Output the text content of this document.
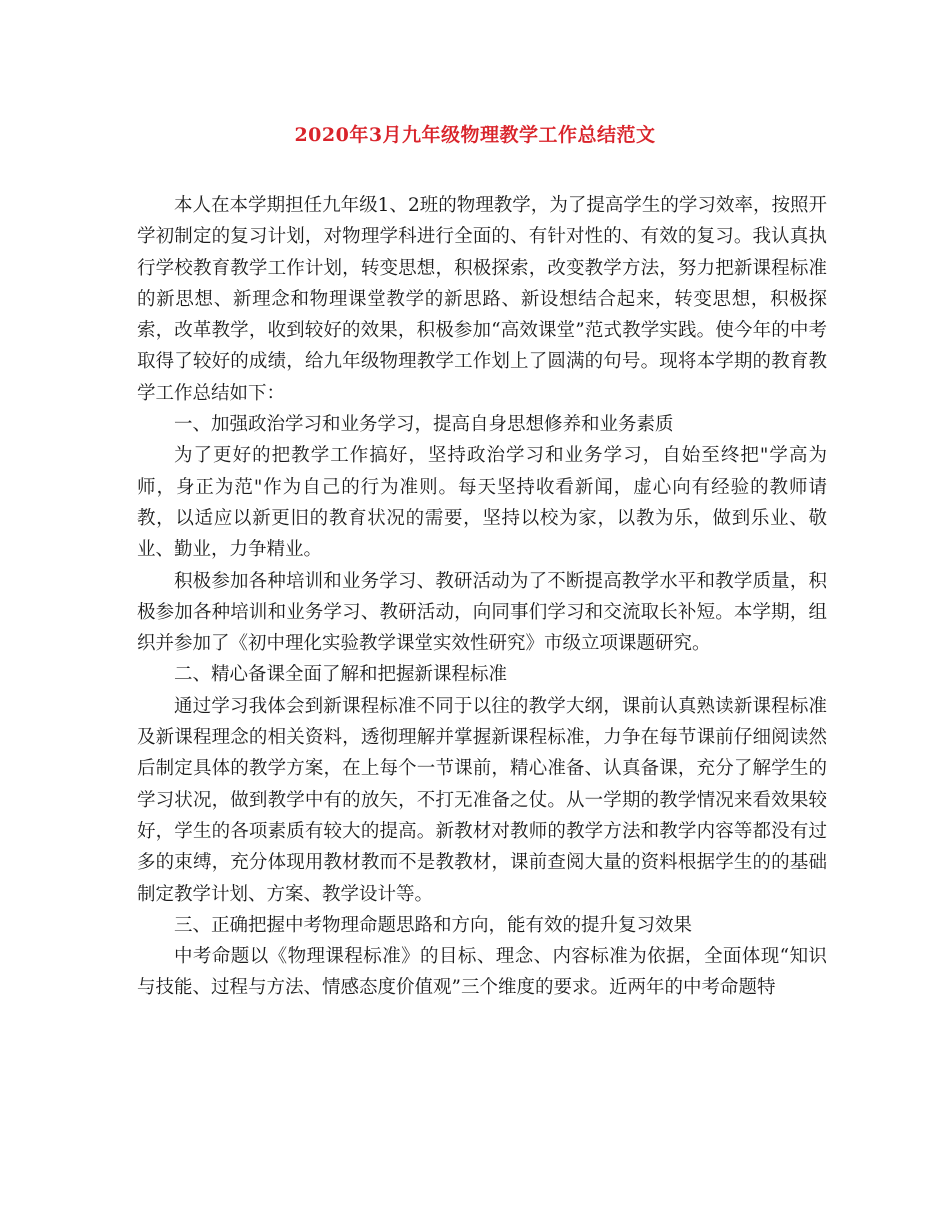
2020年3月九年级物理教学工作总结范文

本人在本学期担任九年级1、2班的物理教学，为了提高学生的学习效率，按照开学初制定的复习计划，对物理学科进行全面的、有针对性的、有效的复习。我认真执行学校教育教学工作计划，转变思想，积极探索，改变教学方法，努力把新课程标准的新思想、新理念和物理课堂教学的新思路、新设想结合起来，转变思想，积极探索，改革教学，收到较好的效果，积极参加“高效课堂”范式教学实践。使今年的中考取得了较好的成绩，给九年级物理教学工作划上了圆满的句号。现将本学期的教育教学工作总结如下：

一、加强政治学习和业务学习，提高自身思想修养和业务素质

为了更好的把教学工作搞好，坚持政治学习和业务学习，自始至终把"学高为师，身正为范"作为自己的行为准则。每天坚持收看新闻，虚心向有经验的教师请教，以适应以新更旧的教育状况的需要，坚持以校为家，以教为乐，做到乐业、敬业、勤业，力争精业。

积极参加各种培训和业务学习、教研活动为了不断提高教学水平和教学质量，积极参加各种培训和业务学习、教研活动，向同事们学习和交流取长补短。本学期，组织并参加了《初中理化实验教学课堂实效性研究》市级立项课题研究。

二、精心备课全面了解和把握新课程标准

通过学习我体会到新课程标准不同于以往的教学大纲，课前认真熟读新课程标准及新课程理念的相关资料，透彻理解并掌握新课程标准，力争在每节课前仔细阅读然后制定具体的教学方案，在上每个一节课前，精心准备、认真备课，充分了解学生的学习状况，做到教学中有的放矢，不打无准备之仗。从一学期的教学情况来看效果较好，学生的各项素质有较大的提高。新教材对教师的教学方法和教学内容等都没有过多的束缚，充分体现用教材教而不是教教材，课前查阅大量的资料根据学生的的基础制定教学计划、方案、教学设计等。

三、正确把握中考物理命题思路和方向，能有效的提升复习效果

中考命题以《物理课程标准》的目标、理念、内容标准为依据，全面体现“知识与技能、过程与方法、情感态度价值观”三个维度的要求。近两年的中考命题特
